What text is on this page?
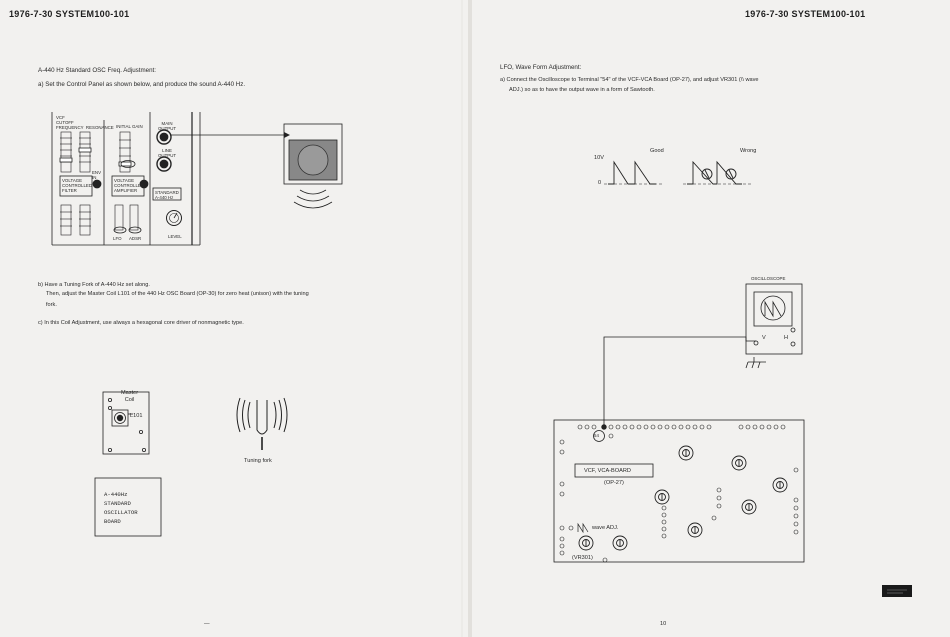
1976-7-30 SYSTEM100-101
A-440 Hz Standard OSC Freq. Adjustment:
a) Set the Control Panel as shown below, and produce the sound A-440 Hz.
VCF
CUTOFF
FREQUENCY  RESONANCE INITIAL GAIN
MAIN
OUTPUT
LINE
OUTPUT
VOLTAGE
CONTROLLED
FILTER
VOLTAGE
CONTROLLED
AMPLIFIER	STANDARD
A-440 Hz
ENV
IN
LEVEL
LFO ADSR
b) Have a Tuning Fork of A-440 Hz set along.
Then, adjust the Master Coil L101 of the 440 Hz OSC Board (OP-30) for zero heat (unison) with the tuning
fork.
c) In this Coil Adjustment, use always a hexagonal core driver of nonmagnetic type.
Master
Coil
L101
Tuning fork
A-440Hz
STANDARD
OSCILLATOR
BOARD
—
1976-7-30 SYSTEM100-101
LFO, Wave Form Adjustment:
a) Connect the Oscilloscope to Terminal "54" of the VCF-VCA Board (OP-27), and adjust VR301 (\\ wave
ADJ.) so as to have the output wave in a form of Sawtooth.
Good	Wrong
10V
0
OSCILLOSCOPE
V	H
54
VCF, VCA-BOARD
(OP-27)
wave ADJ.
(VR301)
10
